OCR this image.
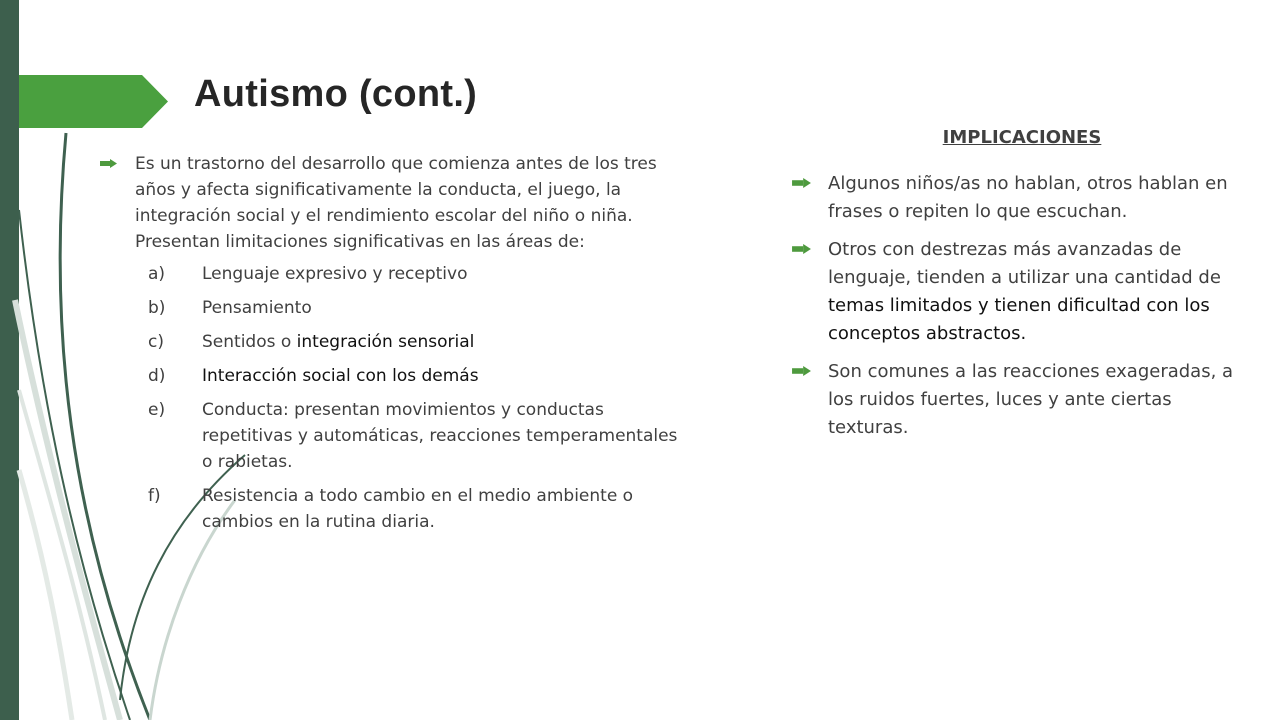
Autismo (cont.)
Es un trastorno del desarrollo que comienza antes de los tres años y afecta significativamente la conducta, el juego, la integración social y el rendimiento escolar del niño o niña. Presentan limitaciones significativas en las áreas de:
a)	Lenguaje expresivo y receptivo
b)	Pensamiento
c)	Sentidos o integración sensorial
d)	Interacción social con los demás
e)	Conducta: presentan movimientos y conductas repetitivas y automáticas, reacciones temperamentales o rabietas.
f)	Resistencia a todo cambio en el medio ambiente o cambios en la rutina diaria.
IMPLICACIONES
Algunos niños/as no hablan, otros hablan en frases o repiten lo que escuchan.
Otros con destrezas más avanzadas de lenguaje, tienden a utilizar una cantidad de temas limitados y tienen dificultad con los conceptos abstractos.
Son comunes a las reacciones exageradas, a los ruidos fuertes, luces y ante ciertas texturas.
